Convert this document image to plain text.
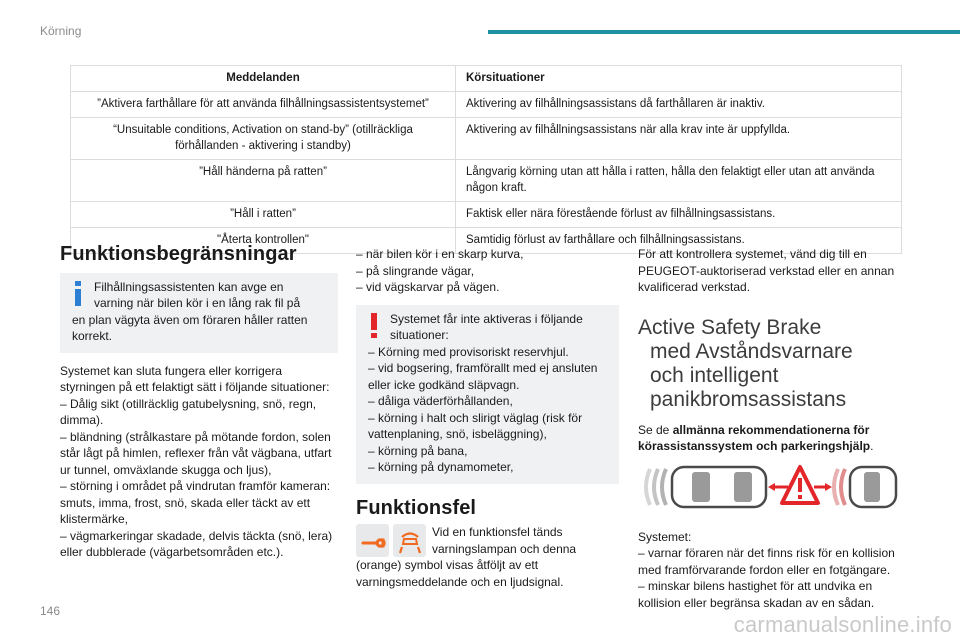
Körning
Meddelanden	Körsituationer
”Aktivera farthållare för att använda filhållningsassistentsystemet”	Aktivering av filhållningsassistans då farthållaren är inaktiv.
“Unsuitable conditions, Activation on stand-by” (otillräckliga förhållanden - aktivering i standby)	Aktivering av filhållningsassistans när alla krav inte är uppfyllda.
”Håll händerna på ratten”	Långvarig körning utan att hålla i ratten, hålla den felaktigt eller utan att använda någon kraft.
”Håll i ratten”	Faktisk eller nära förestående förlust av filhållningsassistans.
"Återta kontrollen"	Samtidig förlust av farthållare och filhållningsassistans.
Funktionsbegränsningar
Filhållningsassistenten kan avge en
varning när bilen kör i en lång rak fil på
en plan vägyta även om föraren håller ratten korrekt.

Systemet kan sluta fungera eller korrigera styrningen på ett felaktigt sätt i följande situationer:

– Dålig sikt (otillräcklig gatubelysning, snö, regn, dimma).

– bländning (strålkastare på mötande fordon, solen står lågt på himlen, reflexer från våt vägbana, utfart ur tunnel, omväxlande skugga och ljus),

– störning i området på vindrutan framför kameran: smuts, imma, frost, snö, skada eller täckt av ett klistermärke,

– vägmarkeringar skadade, delvis täckta (snö, lera) eller dubblerade (vägarbetsområden etc.).

– när bilen kör i en skarp kurva,

– på slingrande vägar,

– vid vägskarvar på vägen.

Systemet får inte aktiveras i följande
situationer:

– Körning med provisoriskt reservhjul.

– vid bogsering, framförallt med ej ansluten eller icke godkänd släpvagn.

– dåliga väderförhållanden,

– körning i halt och slirigt väglag (risk för vattenplaning, snö, isbeläggning),

– körning på bana,

– körning på dynamometer,

Funktionsfel
Vid en funktionsfel tänds
varningslampan och denna

(orange) symbol visas åtföljt av ett varningsmeddelande och en ljudsignal.

För att kontrollera systemet, vänd dig till en PEUGEOT-auktoriserad verkstad eller en annan kvalificerad verkstad.

Active Safety Brake
med Avståndsvarnare
och intelligent
panikbromsassistans

Se de allmänna rekommendationerna för körassistanssystem och parkeringshjälp.

Systemet:

– varnar föraren när det finns risk för en kollision med framförvarande fordon eller en fotgängare.

– minskar bilens hastighet för att undvika en kollision eller begränsa skadan av en sådan.

146
carmanualsonline.info
